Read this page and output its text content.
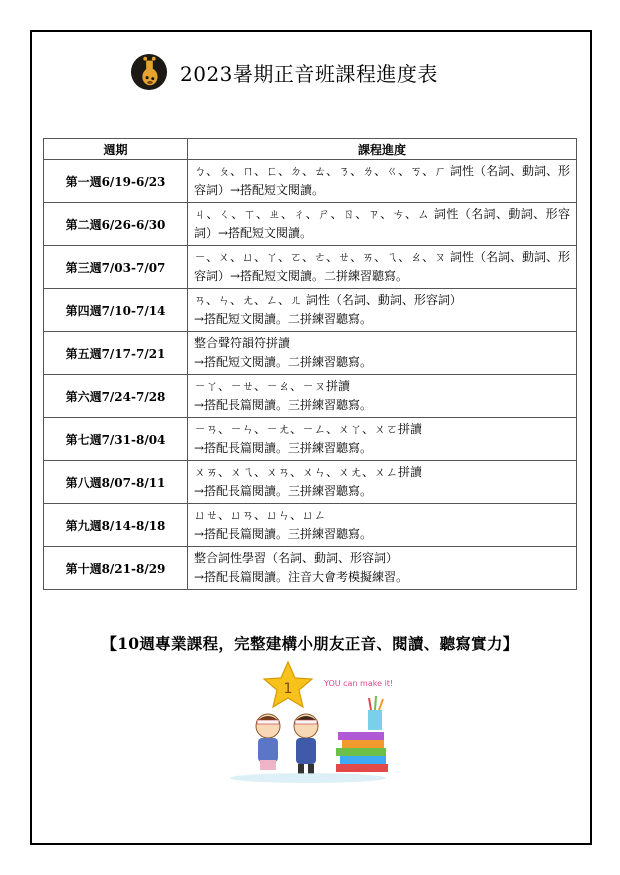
2023暑期正音班課程進度表
週期	課程進度
第一週6/19-6/23	ㄅ、ㄆ、ㄇ、ㄈ、ㄉ、ㄊ、ㄋ、ㄌ、ㄍ、ㄎ、ㄏ 詞性（名詞、動詞、形容詞）→搭配短文閱讀。

第二週6/26-6/30	ㄐ、ㄑ、ㄒ、ㄓ、ㄔ、ㄕ、ㄖ、ㄗ、ㄘ、ㄙ 詞性（名詞、動詞、形容詞）→搭配短文閱讀。

第三週7/03-7/07	ㄧ、ㄨ、ㄩ、ㄚ、ㄛ、ㄜ、ㄝ、ㄞ、ㄟ、ㄠ、ㄡ 詞性（名詞、動詞、形容詞）→搭配短文閱讀。二拼練習聽寫。

第四週7/10-7/14	ㄢ、ㄣ、ㄤ、ㄥ、ㄦ 詞性（名詞、動詞、形容詞）
→搭配短文閱讀。二拼練習聽寫。

第五週7/17-7/21	整合聲符韻符拼讀
→搭配短文閱讀。二拼練習聽寫。

第六週7/24-7/28	ㄧㄚ、ㄧㄝ、ㄧㄠ、ㄧㄡ拼讀
→搭配長篇閱讀。三拼練習聽寫。

第七週7/31-8/04	ㄧㄢ、ㄧㄣ、ㄧㄤ、ㄧㄥ、ㄨㄚ、ㄨㄛ拼讀
→搭配長篇閱讀。三拼練習聽寫。

第八週8/07-8/11	ㄨㄞ、ㄨㄟ、ㄨㄢ、ㄨㄣ、ㄨㄤ、ㄨㄥ拼讀
→搭配長篇閱讀。三拼練習聽寫。

第九週8/14-8/18	ㄩㄝ、ㄩㄢ、ㄩㄣ、ㄩㄥ
→搭配長篇閱讀。三拼練習聽寫。

第十週8/21-8/29	整合詞性學習（名詞、動詞、形容詞）
→搭配長篇閱讀。注音大會考模擬練習。
【10週專業課程，完整建構小朋友正音、閱讀、聽寫實力】
1	YOU can make it!
